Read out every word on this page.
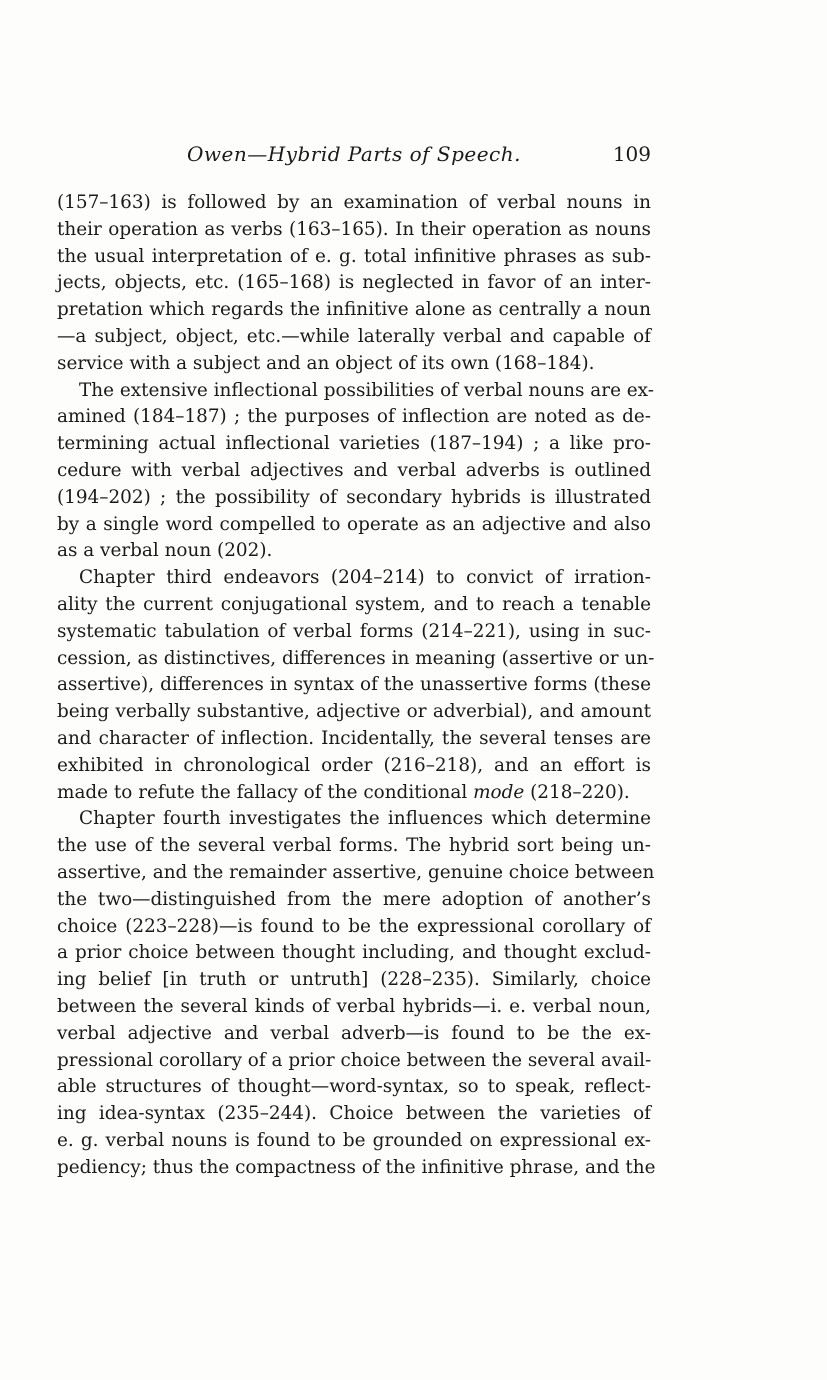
Owen—Hybrid Parts of Speech.	109

(157–163) is followed by an examination of verbal nouns in
their operation as verbs (163–165). In their operation as nouns
the usual interpretation of e. g. total infinitive phrases as sub-
jects, objects, etc. (165–168) is neglected in favor of an inter-
pretation which regards the infinitive alone as centrally a noun
—a subject, object, etc.—while laterally verbal and capable of
service with a subject and an object of its own (168–184).

The extensive inflectional possibilities of verbal nouns are ex-
amined (184–187) ; the purposes of inflection are noted as de-
termining actual inflectional varieties (187–194) ; a like pro-
cedure with verbal adjectives and verbal adverbs is outlined
(194–202) ; the possibility of secondary hybrids is illustrated
by a single word compelled to operate as an adjective and also
as a verbal noun (202).

Chapter third endeavors (204–214) to convict of irration-
ality the current conjugational system, and to reach a tenable
systematic tabulation of verbal forms (214–221), using in suc-
cession, as distinctives, differences in meaning (assertive or un-
assertive), differences in syntax of the unassertive forms (these
being verbally substantive, adjective or adverbial), and amount
and character of inflection. Incidentally, the several tenses are
exhibited in chronological order (216–218), and an effort is
made to refute the fallacy of the conditional mode (218–220).

Chapter fourth investigates the influences which determine
the use of the several verbal forms. The hybrid sort being un-
assertive, and the remainder assertive, genuine choice between
the two—distinguished from the mere adoption of another’s
choice (223–228)—is found to be the expressional corollary of
a prior choice between thought including, and thought exclud-
ing belief [in truth or untruth] (228–235). Similarly, choice
between the several kinds of verbal hybrids—i. e. verbal noun,
verbal adjective and verbal adverb—is found to be the ex-
pressional corollary of a prior choice between the several avail-
able structures of thought—word-syntax, so to speak, reflect-
ing idea-syntax (235–244). Choice between the varieties of
e. g. verbal nouns is found to be grounded on expressional ex-
pediency; thus the compactness of the infinitive phrase, and the
